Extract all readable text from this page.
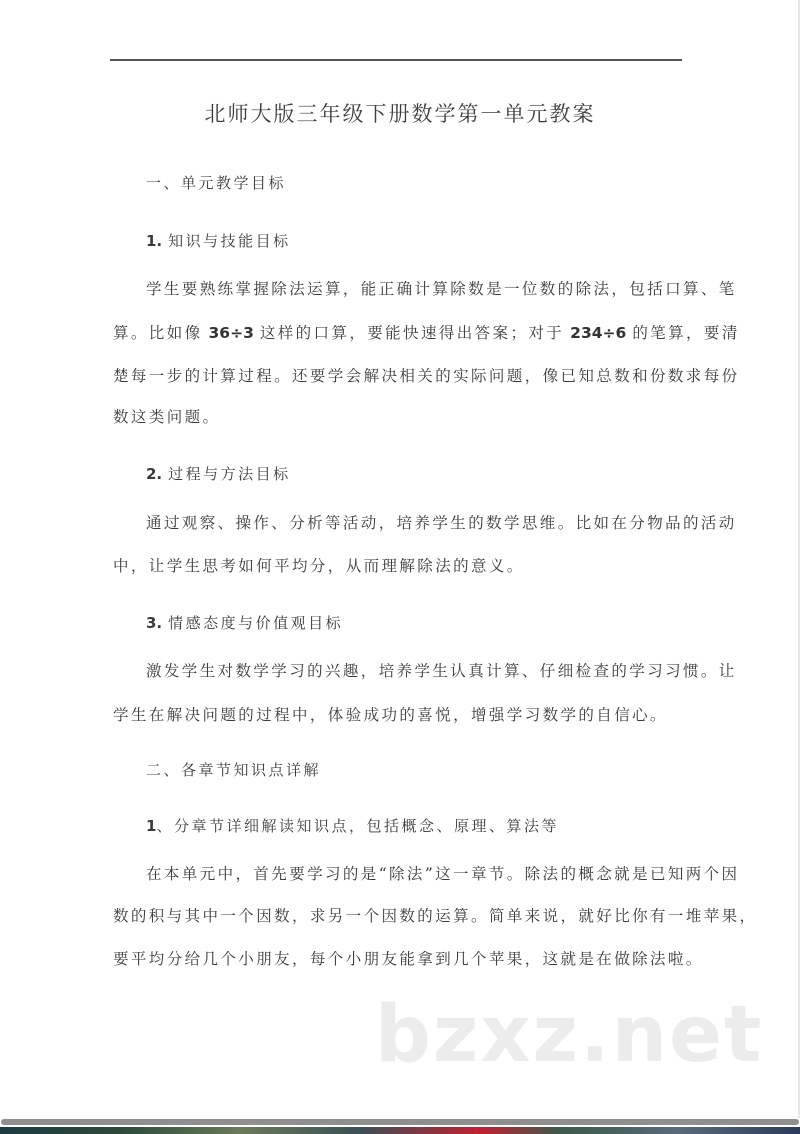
北师大版三年级下册数学第一单元教案
一、单元教学目标
1. 知识与技能目标
学生要熟练掌握除法运算，能正确计算除数是一位数的除法，包括口算、笔
算。比如像 36÷3 这样的口算，要能快速得出答案；对于 234÷6 的笔算，要清
楚每一步的计算过程。还要学会解决相关的实际问题，像已知总数和份数求每份
数这类问题。
2. 过程与方法目标
通过观察、操作、分析等活动，培养学生的数学思维。比如在分物品的活动
中，让学生思考如何平均分，从而理解除法的意义。
3. 情感态度与价值观目标
激发学生对数学学习的兴趣，培养学生认真计算、仔细检查的学习习惯。让
学生在解决问题的过程中，体验成功的喜悦，增强学习数学的自信心。
二、各章节知识点详解
1、分章节详细解读知识点，包括概念、原理、算法等
在本单元中，首先要学习的是“除法”这一章节。除法的概念就是已知两个因
数的积与其中一个因数，求另一个因数的运算。简单来说，就好比你有一堆苹果，
要平均分给几个小朋友，每个小朋友能拿到几个苹果，这就是在做除法啦。
bzxz.net
